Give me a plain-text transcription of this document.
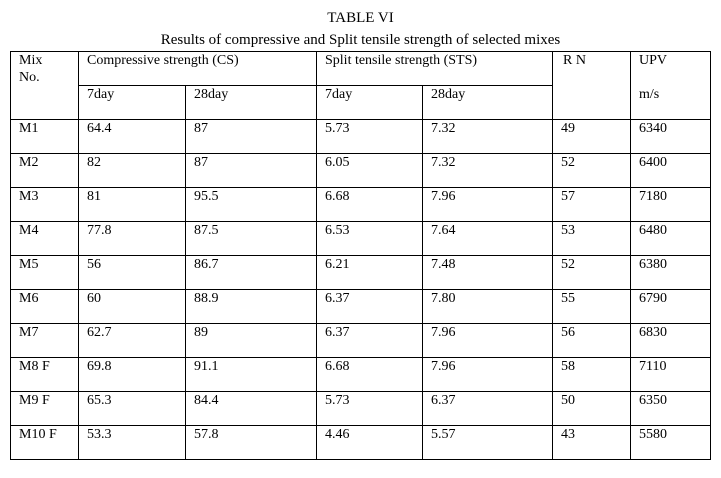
TABLE VI
Results of compressive and Split tensile strength of selected mixes
Mix
No.	Compressive strength (CS)		Split tensile strength (STS)		R N	UPV
	7day	28day	7day	28day		m/s
M1	64.4	87	5.73	7.32	49	6340
M2	82	87	6.05	7.32	52	6400
M3	81	95.5	6.68	7.96	57	7180
M4	77.8	87.5	6.53	7.64	53	6480
M5	56	86.7	6.21	7.48	52	6380
M6	60	88.9	6.37	7.80	55	6790
M7	62.7	89	6.37	7.96	56	6830
M8 F	69.8	91.1	6.68	7.96	58	7110
M9 F	65.3	84.4	5.73	6.37	50	6350
M10 F	53.3	57.8	4.46	5.57	43	5580
